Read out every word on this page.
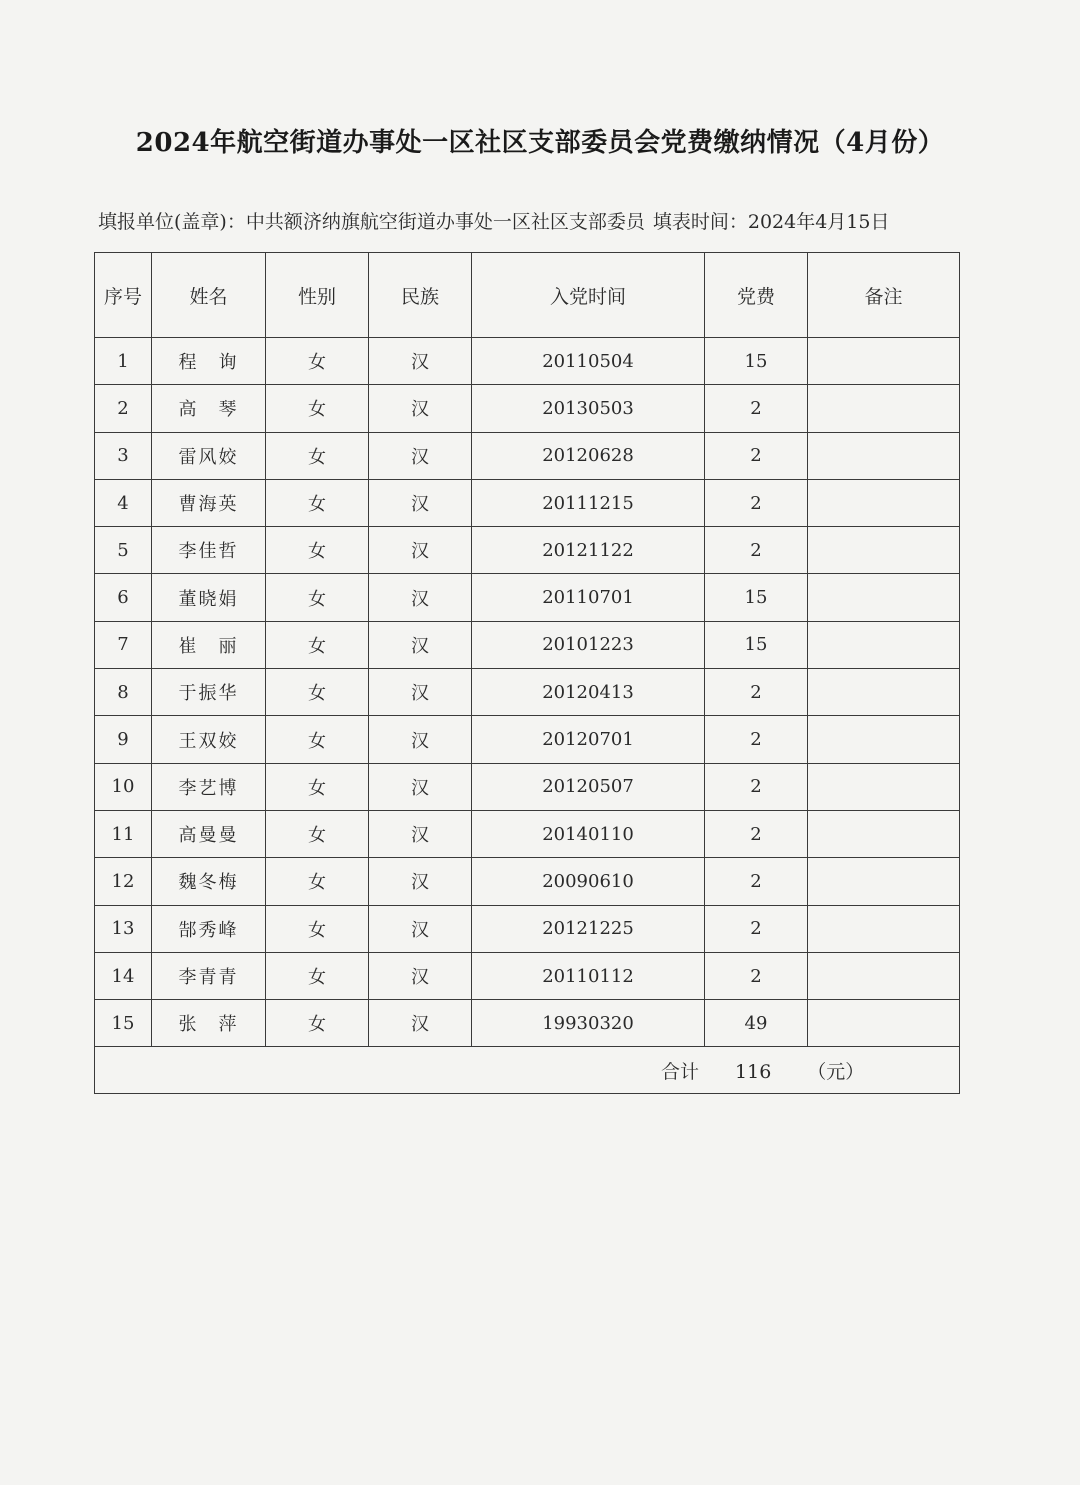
2024年航空街道办事处一区社区支部委员会党费缴纳情况（4月份）
填报单位(盖章)：中共额济纳旗航空街道办事处一区社区支部委员 填表时间：2024年4月15日
序号	姓名	性别	民族	入党时间	党费	备注
1	程　询	女	汉	20110504	15	
2	高　琴	女	汉	20130503	2	
3	雷风姣	女	汉	20120628	2	
4	曹海英	女	汉	20111215	2	
5	李佳哲	女	汉	20121122	2	
6	董晓娟	女	汉	20110701	15	
7	崔　丽	女	汉	20101223	15	
8	于振华	女	汉	20120413	2	
9	王双姣	女	汉	20120701	2	
10	李艺博	女	汉	20120507	2	
11	高曼曼	女	汉	20140110	2	
12	魏冬梅	女	汉	20090610	2	
13	郜秀峰	女	汉	20121225	2	
14	李青青	女	汉	20110112	2	
15	张　萍	女	汉	19930320	49	
合计 116 （元）						
